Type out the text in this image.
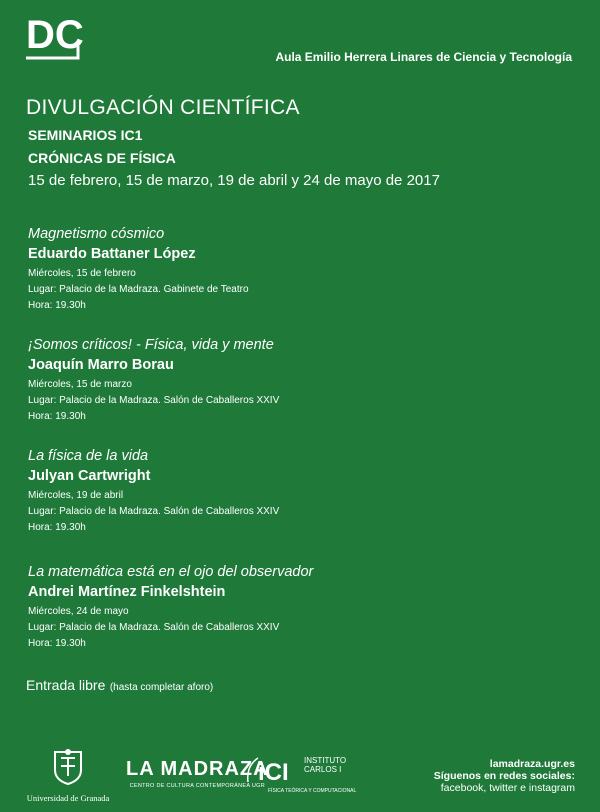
DC	Aula Emilio Herrera Linares de Ciencia y Tecnología
DIVULGACIÓN CIENTÍFICA
SEMINARIOS IC1
CRÓNICAS DE FÍSICA
15 de febrero, 15 de marzo, 19 de abril y 24 de mayo de 2017
Magnetismo cósmico
Eduardo Battaner López
Miércoles, 15 de febrero
Lugar: Palacio de la Madraza. Gabinete de Teatro
Hora: 19.30h
¡Somos críticos! - Física, vida y mente
Joaquín Marro Borau
Miércoles, 15 de marzo
Lugar: Palacio de la Madraza. Salón de Caballeros XXIV
Hora: 19.30h
La física de la vida
Julyan Cartwright
Miércoles, 19 de abril
Lugar: Palacio de la Madraza. Salón de Caballeros XXIV
Hora: 19.30h
La matemática está en el ojo del observador
Andrei Martínez Finkelshtein
Miércoles, 24 de mayo
Lugar: Palacio de la Madraza. Salón de Caballeros XXIV
Hora: 19.30h
Entrada libre (hasta completar aforo)
Universidad de Granada
LA MADRAZA
CENTRO DE CULTURA CONTEMPORÁNEA UGR
iCI INSTITUTO
CARLOS I
FÍSICA TEÓRICA Y COMPUTACIONAL
lamadraza.ugr.es
Síguenos en redes sociales:
facebook, twitter e instagram
